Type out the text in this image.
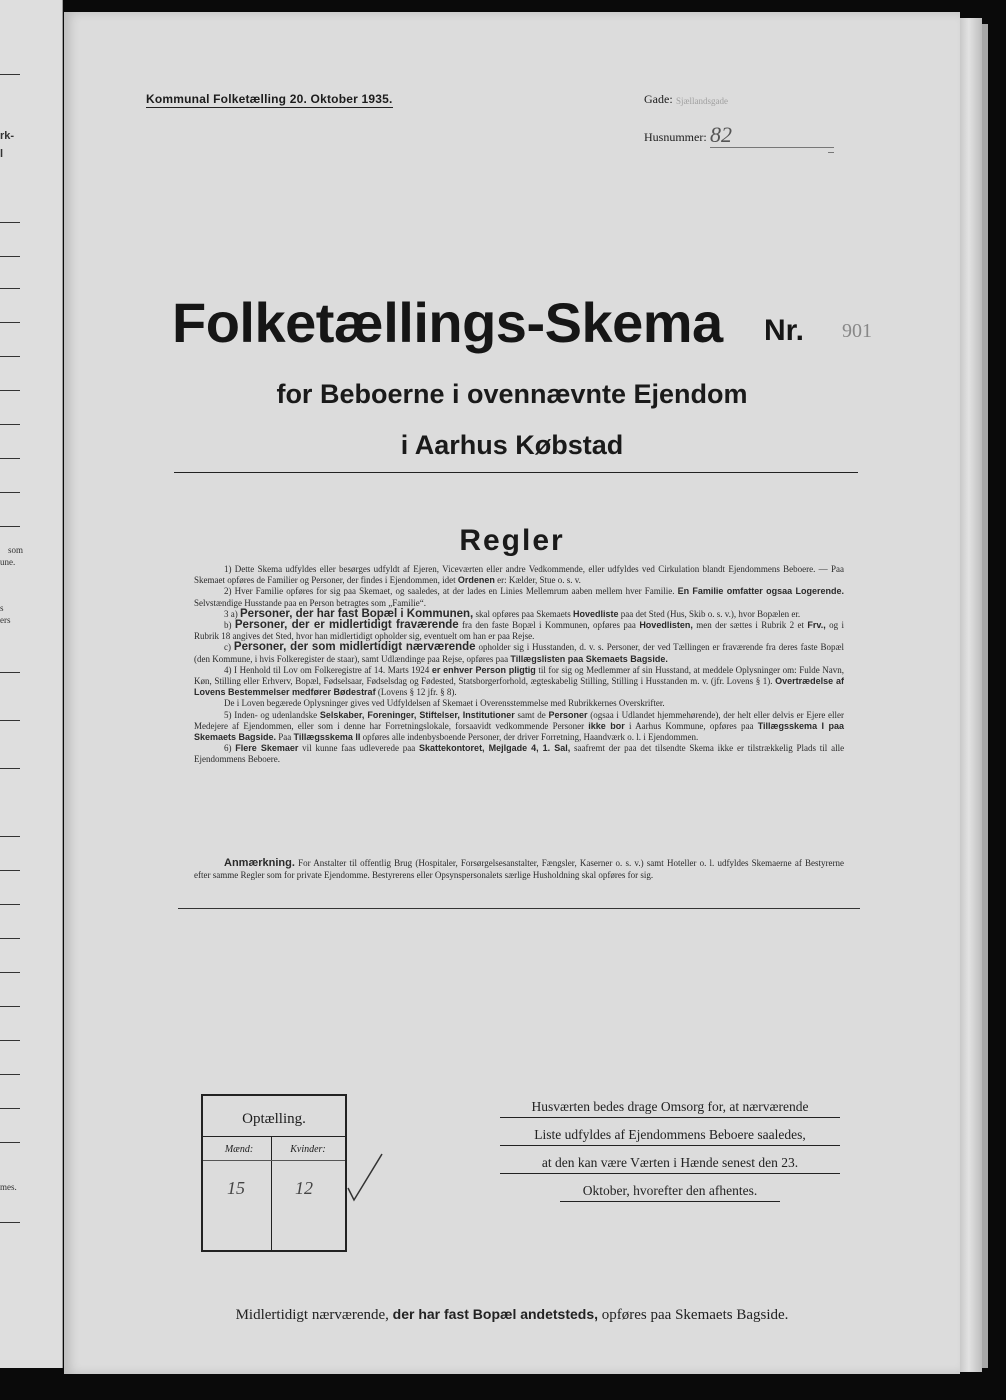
rk-
l
som
une.
s
ers
mes.
Kommunal Folketælling 20. Oktober 1935.	Gade: Sjællandsgade
Husnummer: 82
Folketællings-Skema Nr. 901
for Beboerne i ovennævnte Ejendom
i Aarhus Købstad
Regler

1) Dette Skema udfyldes eller besørges udfyldt af Ejeren, Viceværten eller andre Vedkommende, eller udfyldes ved Cirkulation blandt Ejendommens Beboere. — Paa Skemaet opføres de Familier og Personer, der findes i Ejendommen, idet Ordenen er: Kælder, Stue o. s. v.

2) Hver Familie opføres for sig paa Skemaet, og saaledes, at der lades en Linies Mellemrum aaben mellem hver Familie. En Familie omfatter ogsaa Logerende. Selvstændige Husstande paa en Person betragtes som „Familie“.

3 a) Personer, der har fast Bopæl i Kommunen, skal opføres paa Skemaets Hovedliste paa det Sted (Hus, Skib o. s. v.), hvor Bopælen er.

b) Personer, der er midlertidigt fraværende fra den faste Bopæl i Kommunen, opføres paa Hovedlisten, men der sættes i Rubrik 2 et Frv., og i Rubrik 18 angives det Sted, hvor han midlertidigt opholder sig, eventuelt om han er paa Rejse.

c) Personer, der som midlertidigt nærværende opholder sig i Husstanden, d. v. s. Personer, der ved Tællingen er fraværende fra deres faste Bopæl (den Kommune, i hvis Folkeregister de staar), samt Udlændinge paa Rejse, opføres paa Tillægslisten paa Skemaets Bagside.

4) I Henhold til Lov om Folkeregistre af 14. Marts 1924 er enhver Person pligtig til for sig og Medlemmer af sin Husstand, at meddele Oplysninger om: Fulde Navn, Køn, Stilling eller Erhverv, Bopæl, Fødselsaar, Fødselsdag og Fødested, Statsborgerforhold, ægteskabelig Stilling, Stilling i Husstanden m. v. (jfr. Lovens § 1). Overtrædelse af Lovens Bestemmelser medfører Bødestraf (Lovens § 12 jfr. § 8).

De i Loven begærede Oplysninger gives ved Udfyldelsen af Skemaet i Overensstemmelse med Rubrikkernes Overskrifter.

5) Inden- og udenlandske Selskaber, Foreninger, Stiftelser, Institutioner samt de Personer (ogsaa i Udlandet hjemmehørende), der helt eller delvis er Ejere eller Medejere af Ejendommen, eller som i denne har Forretningslokale, forsaavidt vedkommende Personer ikke bor i Aarhus Kommune, opføres paa Tillægsskema I paa Skemaets Bagside. Paa Tillægsskema II opføres alle indenbysboende Personer, der driver Forretning, Haandværk o. l. i Ejendommen.

6) Flere Skemaer vil kunne faas udleverede paa Skattekontoret, Mejlgade 4, 1. Sal, saafremt der paa det tilsendte Skema ikke er tilstrækkelig Plads til alle Ejendommens Beboere.

Anmærkning. For Anstalter til offentlig Brug (Hospitaler, Forsørgelsesanstalter, Fængsler, Kaserner o. s. v.) samt Hoteller o. l. udfyldes Skemaerne af Bestyrerne efter samme Regler som for private Ejendomme. Bestyrerens eller Opsynspersonalets særlige Husholdning skal opføres for sig.

Optælling.
Mænd:	Kvinder:
15	12
Husværten bedes drage Omsorg for, at nærværende
Liste udfyldes af Ejendommens Beboere saaledes,
at den kan være Værten i Hænde senest den 23.
Oktober, hvorefter den afhentes.
Midlertidigt nærværende, der har fast Bopæl andetsteds, opføres paa Skemaets Bagside.
